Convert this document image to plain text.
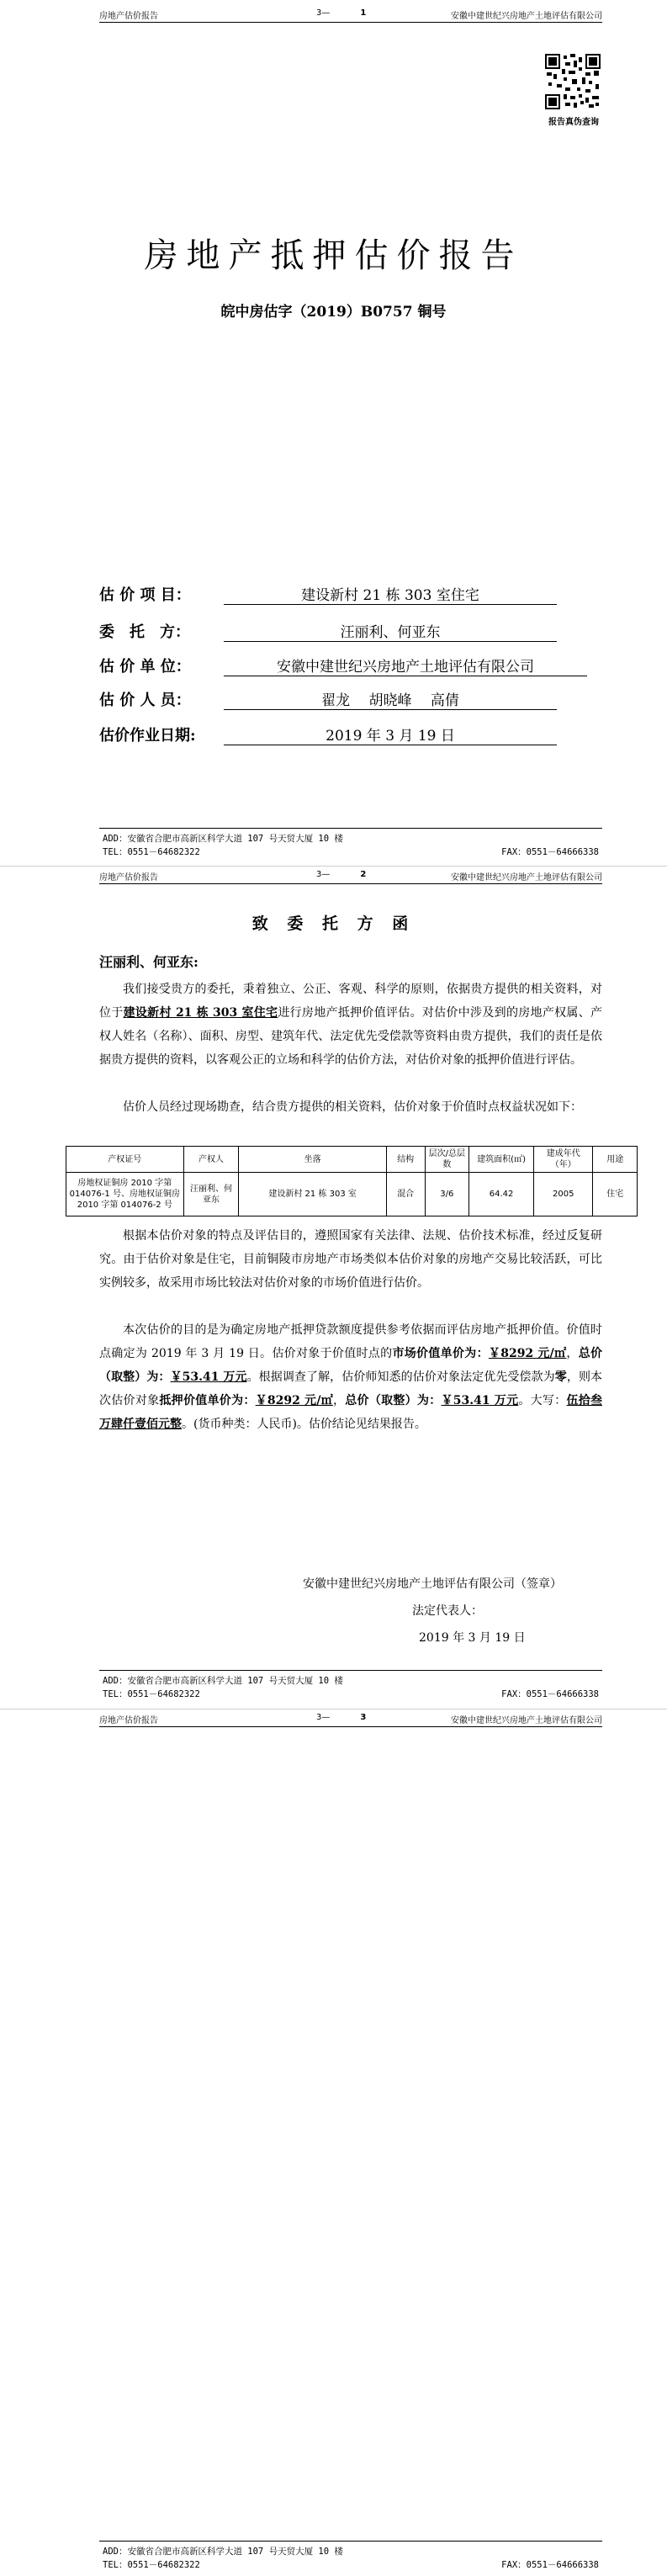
房地产估价报告	3—	1	安徽中建世纪兴房地产土地评估有限公司
报告真伪查询
房地产抵押估价报告
皖中房估字（2019）B0757 铜号
估 价 项 目：	建设新村 21 栋 303 室住宅
委　托　方：	汪丽利、何亚东
估 价 单 位：	安徽中建世纪兴房地产土地评估有限公司
估 价 人 员：	翟龙　 胡晓峰　 高倩
估价作业日期:	2019 年 3 月 19 日
ADD：安徽省合肥市高新区科学大道 107 号天贸大厦 10 楼
TEL：0551－64682322	FAX：0551－64666338
房地产估价报告	3—	2	安徽中建世纪兴房地产土地评估有限公司
致 委 托 方 函
汪丽利、何亚东:
我们接受贵方的委托，秉着独立、公正、客观、科学的原则，依据贵方提供的相关资料，对位于建设新村 21 栋 303 室住宅进行房地产抵押价值评估。对估价中涉及到的房地产权属、产权人姓名（名称）、面积、房型、建筑年代、法定优先受偿款等资料由贵方提供，我们的责任是依据贵方提供的资料，以客观公正的立场和科学的估价方法，对估价对象的抵押价值进行评估。
估价人员经过现场勘查，结合贵方提供的相关资料，估价对象于价值时点权益状况如下：
产权证号	产权人	坐落	结构	层次/总层数	建筑面积(㎡)	建成年代（年）	用途
房地权证铜房 2010 字第 014076-1 号、房地权证铜房 2010 字第 014076-2 号	汪丽利、何亚东	建设新村 21 栋 303 室	混合	3/6	64.42	2005	住宅
根据本估价对象的特点及评估目的，遵照国家有关法律、法规、估价技术标准，经过反复研究。由于估价对象是住宅，目前铜陵市房地产市场类似本估价对象的房地产交易比较活跃，可比实例较多，故采用市场比较法对估价对象的市场价值进行估价。
本次估价的目的是为确定房地产抵押贷款额度提供参考依据而评估房地产抵押价值。价值时点确定为 2019 年 3 月 19 日。估价对象于价值时点的市场价值单价为：￥8292 元/㎡，总价（取整）为：￥53.41 万元。根据调查了解，估价师知悉的估价对象法定优先受偿款为零，则本次估价对象抵押价值单价为：￥8292 元/㎡，总价（取整）为：￥53.41 万元。大写：伍拾叁万肆仟壹佰元整。(货币种类：人民币)。估价结论见结果报告。
安徽中建世纪兴房地产土地评估有限公司（签章）
法定代表人：
2019 年 3 月 19 日
ADD：安徽省合肥市高新区科学大道 107 号天贸大厦 10 楼
TEL：0551－64682322	FAX：0551－64666338
房地产估价报告	3—	3	安徽中建世纪兴房地产土地评估有限公司
ADD：安徽省合肥市高新区科学大道 107 号天贸大厦 10 楼
TEL：0551－64682322	FAX：0551－64666338
